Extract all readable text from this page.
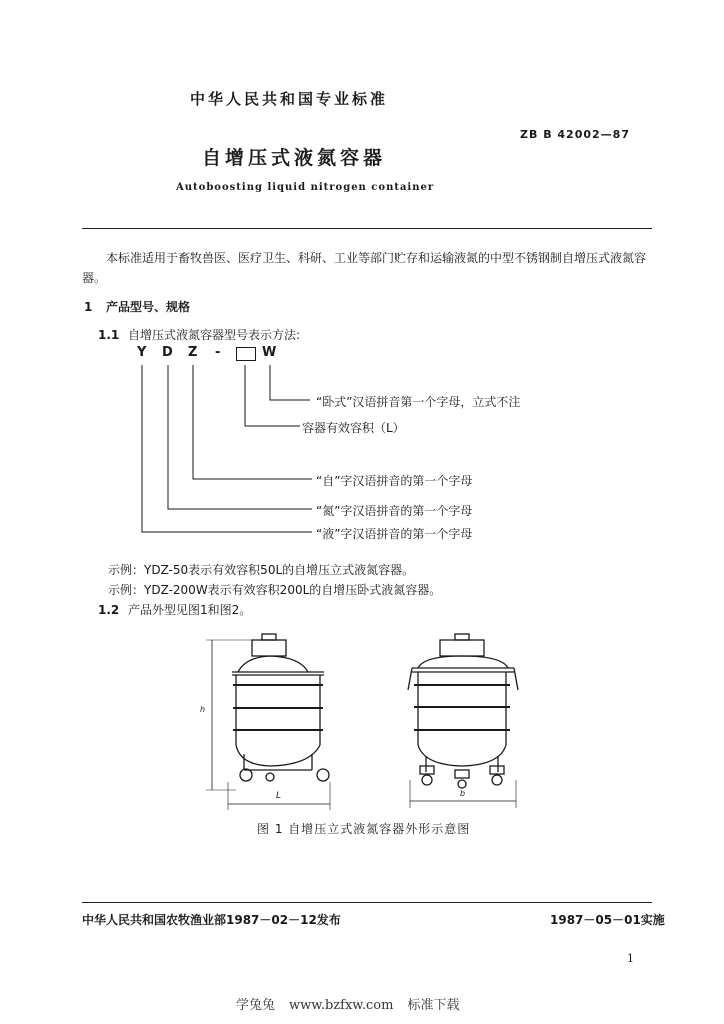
中华人民共和国专业标准
ZB B 42002—87
自增压式液氮容器
Autoboosting liquid nitrogen container
本标准适用于畜牧兽医、医疗卫生、科研、工业等部门贮存和运输液氮的中型不锈钢制自增压式液氮容器。
1 产品型号、规格
1.1 自增压式液氮容器型号表示方法:
Y D Z -	W
“卧式”汉语拼音第一个字母，立式不注
容器有效容积（L）
“自”字汉语拼音的第一个字母
“氮”字汉语拼音的第一个字母
“液”字汉语拼音的第一个字母
示例：YDZ-50表示有效容积50L的自增压立式液氮容器。
示例：YDZ-200W表示有效容积200L的自增压卧式液氮容器。
1.2 产品外型见图1和图2。
h
L	b
图 1 自增压立式液氮容器外形示意图
中华人民共和国农牧渔业部1987－02－12发布	1987－05－01实施
1
学兔兔 www.bzfxw.com 标准下载
